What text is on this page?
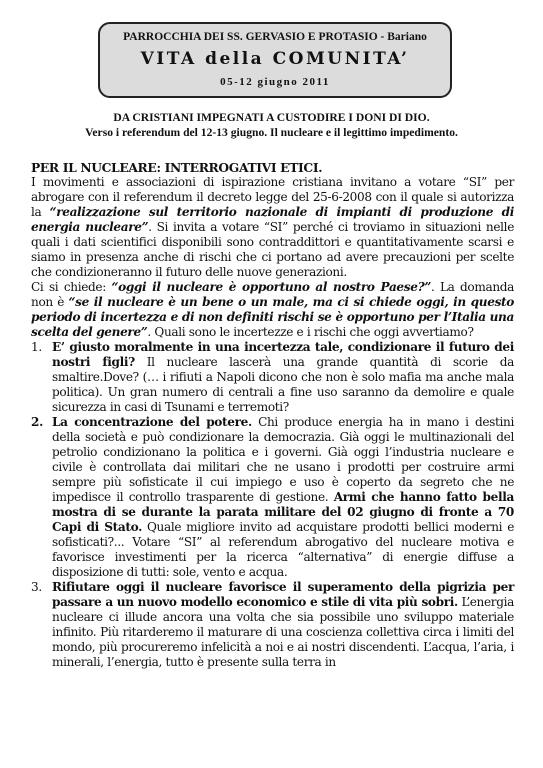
PARROCCHIA DEI SS. GERVASIO E PROTASIO - Bariano
VITA della COMUNITA’
05-12 giugno 2011
DA CRISTIANI IMPEGNATI A CUSTODIRE I DONI DI DIO.
Verso i referendum del 12-13 giugno. Il nucleare e il legittimo impedimento.

PER IL NUCLEARE: INTERROGATIVI ETICI.

I movimenti e associazioni di ispirazione cristiana invitano a votare “SI” per abrogare con il referendum il decreto legge del 25-6-2008 con il quale si autorizza la “realizzazione sul territorio nazionale di impianti di produzione di energia nucleare”. Si invita a votare “SI” perché ci troviamo in situazioni nelle quali i dati scientifici disponibili sono contraddittori e quantitativamente scarsi e siamo in presenza anche di rischi che ci portano ad avere precauzioni per scelte che condizioneranno il futuro delle nuove generazioni.

Ci si chiede: “oggi il nucleare è opportuno al nostro Paese?”. La domanda non è “se il nucleare è un bene o un male, ma ci si chiede oggi, in questo periodo di incertezza e di non definiti rischi se è opportuno per l’Italia una scelta del genere”. Quali sono le incertezze e i rischi che oggi avvertiamo?

1. E’ giusto moralmente in una incertezza tale, condizionare il futuro dei nostri figli? Il nucleare lascerà una grande quantità di scorie da smaltire.Dove? (… i rifiuti a Napoli dicono che non è solo mafia ma anche mala politica). Un gran numero di centrali a fine uso saranno da demolire e quale sicurezza in casi di Tsunami e terremoti?
2. La concentrazione del potere. Chi produce energia ha in mano i destini della società e può condizionare la democrazia. Già oggi le multinazionali del petrolio condizionano la politica e i governi. Già oggi l’industria nucleare e civile è controllata dai militari che ne usano i prodotti per costruire armi sempre più sofisticate il cui impiego e uso è coperto da segreto che ne impedisce il controllo trasparente di gestione. Armi che hanno fatto bella mostra di se durante la parata militare del 02 giugno di fronte a 70 Capi di Stato. Quale migliore invito ad acquistare prodotti bellici moderni e sofisticati?... Votare “SI” al referendum abrogativo del nucleare motiva e favorisce investimenti per la ricerca “alternativa” di energie diffuse a disposizione di tutti: sole, vento e acqua.
3. Rifiutare oggi il nucleare favorisce il superamento della pigrizia per passare a un nuovo modello economico e stile di vita più sobri. L’energia nucleare ci illude ancora una volta che sia possibile uno sviluppo materiale infinito. Più ritarderemo il maturare di una coscienza collettiva circa i limiti del mondo, più procureremo infelicità a noi e ai nostri discendenti. L’acqua, l’aria, i minerali, l’energia, tutto è presente sulla terra in
